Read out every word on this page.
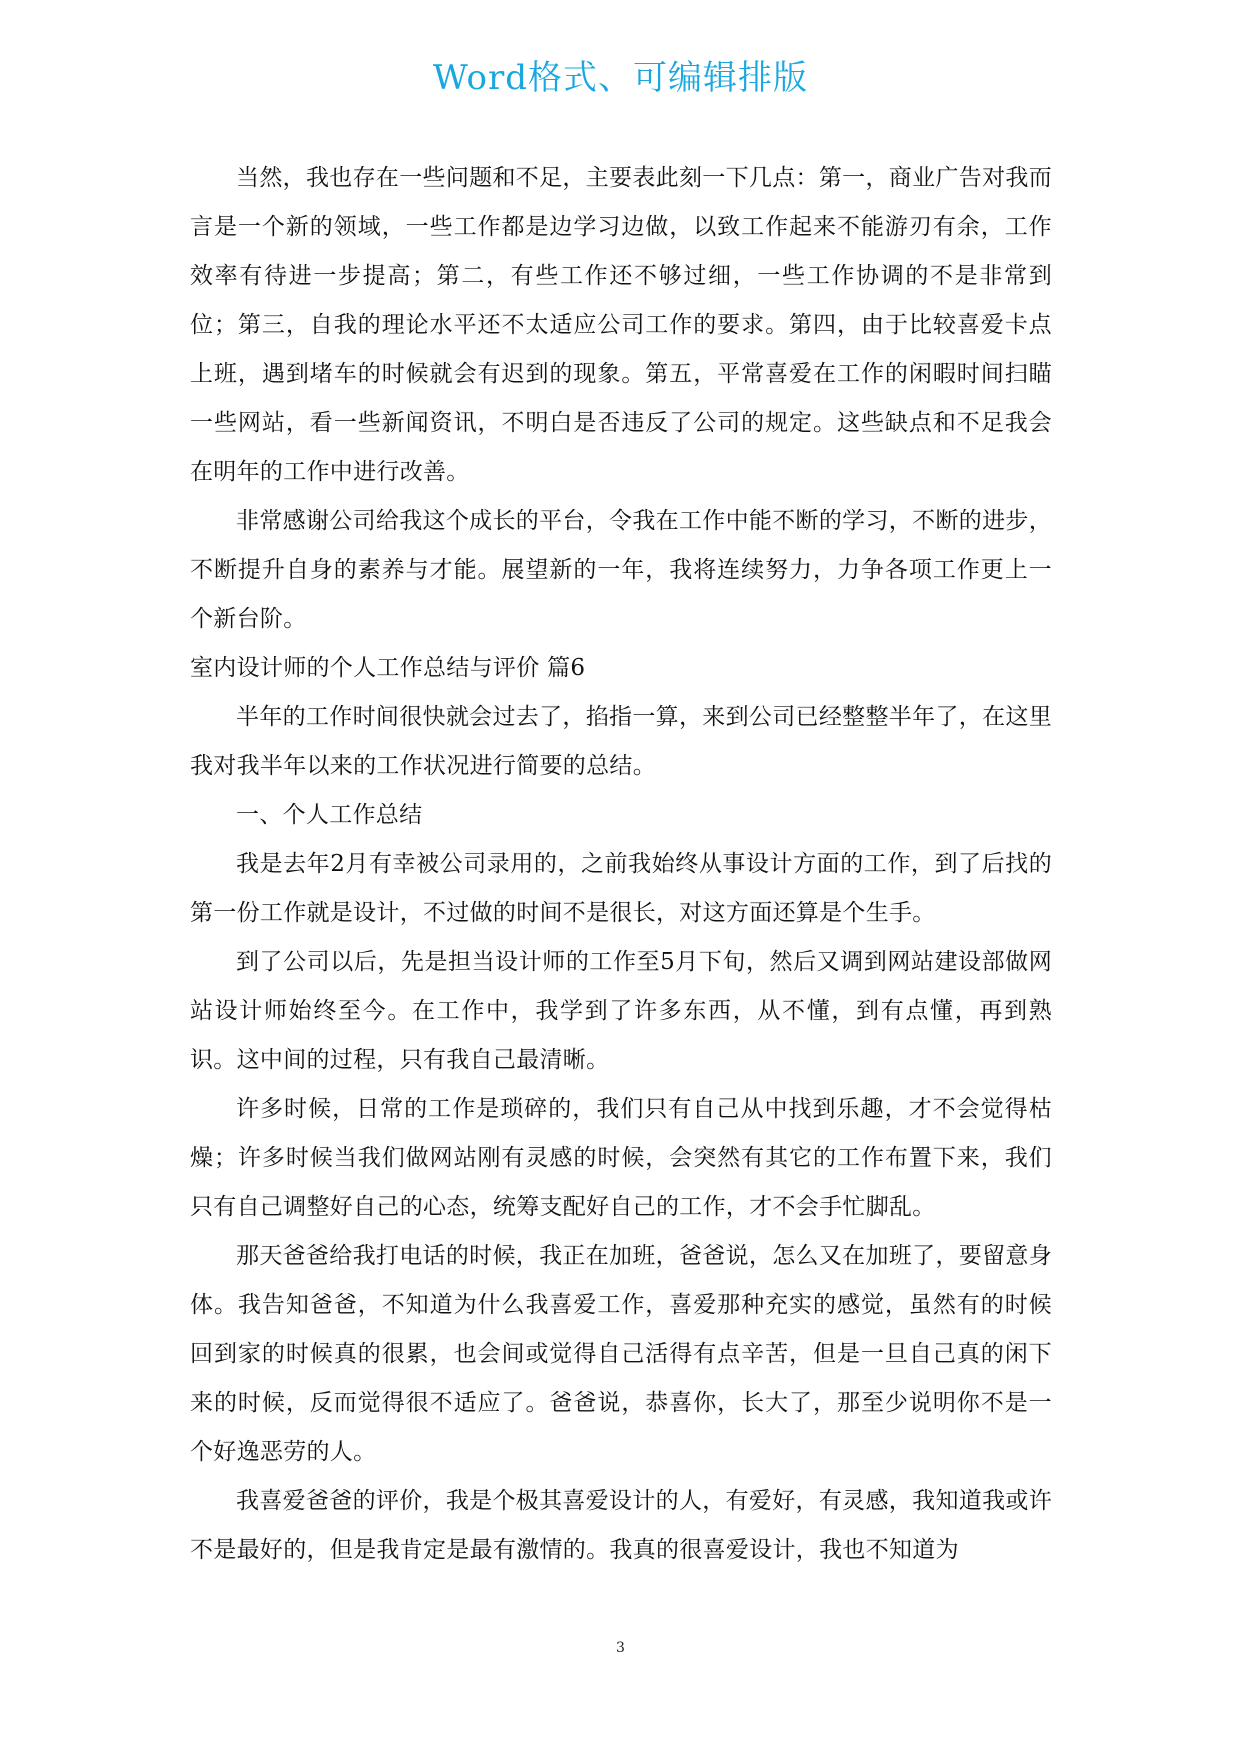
Word格式、可编辑排版

当然，我也存在一些问题和不足，主要表此刻一下几点：第一，商业广告对我而言是一个新的领域，一些工作都是边学习边做，以致工作起来不能游刃有余，工作效率有待进一步提高；第二，有些工作还不够过细，一些工作协调的不是非常到位；第三，自我的理论水平还不太适应公司工作的要求。第四，由于比较喜爱卡点上班，遇到堵车的时候就会有迟到的现象。第五，平常喜爱在工作的闲暇时间扫瞄一些网站，看一些新闻资讯，不明白是否违反了公司的规定。这些缺点和不足我会在明年的工作中进行改善。

非常感谢公司给我这个成长的平台，令我在工作中能不断的学习，不断的进步，不断提升自身的素养与才能。展望新的一年，我将连续努力，力争各项工作更上一个新台阶。

室内设计师的个人工作总结与评价 篇6

半年的工作时间很快就会过去了，掐指一算，来到公司已经整整半年了，在这里我对我半年以来的工作状况进行简要的总结。

一、个人工作总结

我是去年2月有幸被公司录用的，之前我始终从事设计方面的工作，到了后找的第一份工作就是设计，不过做的时间不是很长，对这方面还算是个生手。

到了公司以后，先是担当设计师的工作至5月下旬，然后又调到网站建设部做网站设计师始终至今。在工作中，我学到了许多东西，从不懂，到有点懂，再到熟识。这中间的过程，只有我自己最清晰。

许多时候，日常的工作是琐碎的，我们只有自己从中找到乐趣，才不会觉得枯燥；许多时候当我们做网站刚有灵感的时候，会突然有其它的工作布置下来，我们只有自己调整好自己的心态，统筹支配好自己的工作，才不会手忙脚乱。

那天爸爸给我打电话的时候，我正在加班，爸爸说，怎么又在加班了，要留意身体。我告知爸爸，不知道为什么我喜爱工作，喜爱那种充实的感觉，虽然有的时候回到家的时候真的很累，也会间或觉得自己活得有点辛苦，但是一旦自己真的闲下来的时候，反而觉得很不适应了。爸爸说，恭喜你，长大了，那至少说明你不是一个好逸恶劳的人。

我喜爱爸爸的评价，我是个极其喜爱设计的人，有爱好，有灵感，我知道我或许不是最好的，但是我肯定是最有激情的。我真的很喜爱设计，我也不知道为

3
